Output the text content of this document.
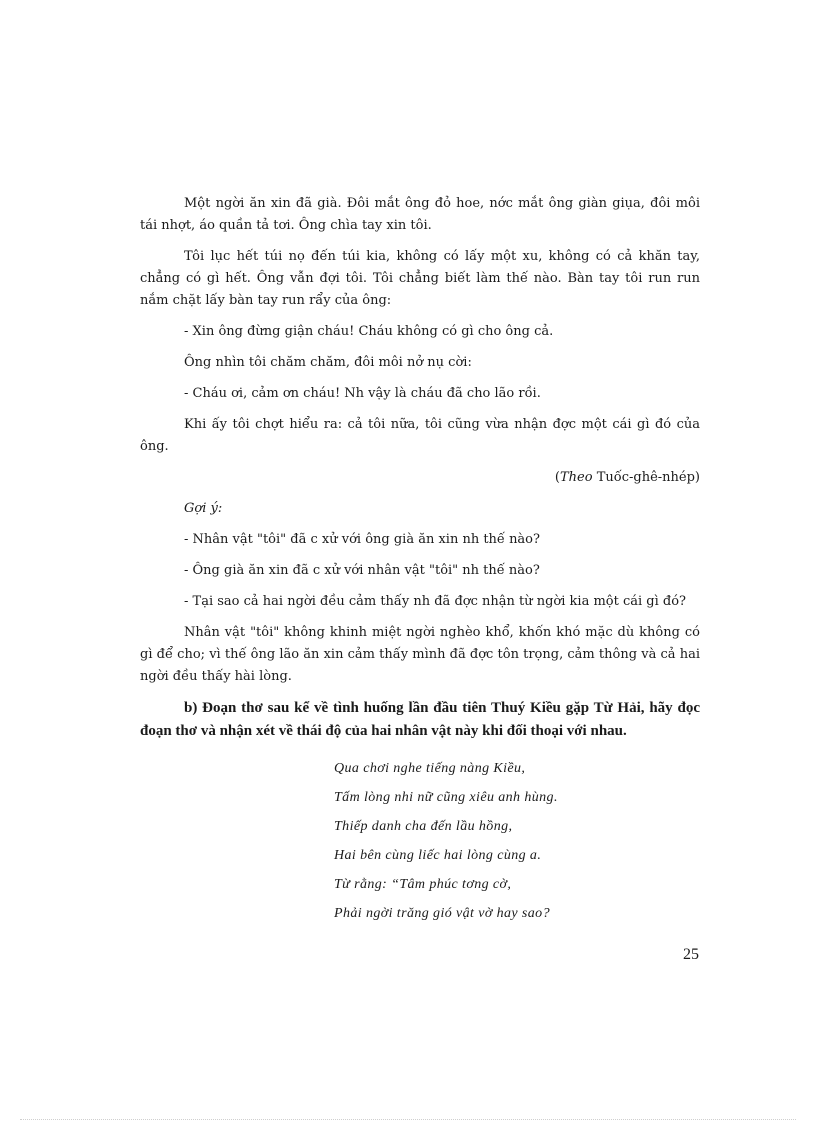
Một ngời ăn xin đã già. Đôi mắt ông đỏ hoe, nớc mắt ông giàn giụa, đôi môi tái nhợt, áo quần tả tơi. Ông chìa tay xin tôi.

Tôi lục hết túi nọ đến túi kia, không có lấy một xu, không có cả khăn tay, chẳng có gì hết. Ông vẫn đợi tôi. Tôi chẳng biết làm thế nào. Bàn tay tôi run run nắm chặt lấy bàn tay run rẩy của ông:

- Xin ông đừng giận cháu! Cháu không có gì cho ông cả.

Ông nhìn tôi chăm chăm, đôi môi nở nụ cời:

- Cháu ơi, cảm ơn cháu! Nh vậy là cháu đã cho lão rồi.

Khi ấy tôi chợt hiểu ra: cả tôi nữa, tôi cũng vừa nhận đợc một cái gì đó của ông.

(Theo Tuốc-ghê-nhép)

Gợi ý:

- Nhân vật "tôi" đã c xử với ông già ăn xin nh thế nào?

- Ông già ăn xin đã c xử với nhân vật "tôi" nh thế nào?

- Tại sao cả hai ngời đều cảm thấy nh đã đợc nhận từ ngời kia một cái gì đó?

Nhân vật "tôi" không khinh miệt ngời nghèo khổ, khốn khó mặc dù không có gì để cho; vì thế ông lão ăn xin cảm thấy mình đã đợc tôn trọng, cảm thông và cả hai ngời đều thấy hài lòng.

b) Đoạn thơ sau kể về tình huống lần đầu tiên Thuý Kiều gặp Từ Hải, hãy đọc đoạn thơ và nhận xét về thái độ của hai nhân vật này khi đối thoại với nhau.

Qua chơi nghe tiếng nàng Kiều,
Tấm lòng nhi nữ cũng xiêu anh hùng.
Thiếp danh cha đến lầu hồng,
Hai bên cùng liếc hai lòng cùng a.
Từ rằng: “Tâm phúc tơng cờ,
Phải ngời trăng gió vật vờ hay sao?
25
